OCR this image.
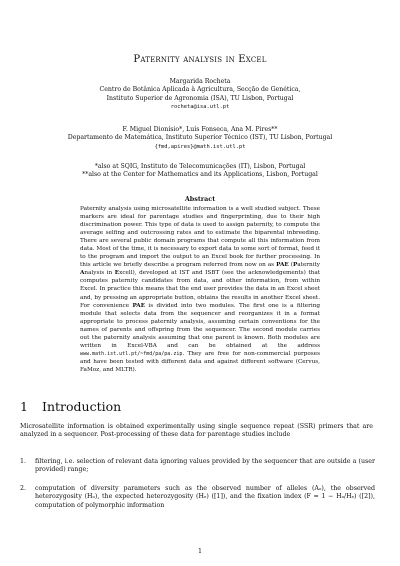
Paternity analysis in Excel
Margarida Rocheta
Centro de Botânica Aplicada à Agricultura, Secção de Genética,
Instituto Superior de Agronomia (ISA), TU Lisbon, Portugal
rocheta@isa.utl.pt
F. Miguel Dionísio*, Luís Fonseca, Ana M. Pires**
Departamento de Matemática, Instituto Superior Técnico (IST), TU Lisbon, Portugal
{fmd,apires}@math.ist.utl.pt
*also at SQIG, Instituto de Telecomunicações (IT), Lisbon, Portugal
**also at the Center for Mathematics and its Applications, Lisbon, Portugal
Abstract
Paternity analysis using microsatellite information is a well studied subject. These markers are ideal for parentage studies and fingerprinting, due to their high discrimination power. This type of data is used to assign paternity, to compute the average selfing and outcrossing rates and to estimate the biparental inbreeding. There are several public domain programs that compute all this information from data. Most of the time, it is necessary to export data to some sort of format, feed it to the program and import the output to an Excel book for further processing. In this article we briefly describe a program referred from now on as PAE (Paternity Analysis in Excell), developed at IST and ISBT (see the acknowledgements) that computes paternity candidates from data, and other information, from within Excel. In practice this means that the end user provides the data in an Excel sheet and, by pressing an appropriate button, obtains the results in another Excel sheet. For convenience PAE is divided into two modules. The first one is a filtering module that selects data from the sequencer and reorganizes it in a format appropriate to process paternity analysis, assuming certain conventions for the names of parents and offspring from the sequencer. The second module carries out the paternity analysis assuming that one parent is known. Both modules are written in Excel-VBA and can be obtained at the address www.math.ist.utl.pt/~fmd/pa/pa.zip. They are free for non-commercial purposes and have been tested with different data and against different software (Cervus, FaMoz, and MLTR).
1 Introduction
Microsatellite information is obtained experimentally using single sequence repeat (SSR) primers that are analyzed in a sequencer. Post-processing of these data for parentage studies include
1. filtering, i.e. selection of relevant data ignoring values provided by the sequencer that are outside a (user provided) range;
2. computation of diversity parameters such as the observed number of alleles (Aₒ), the observed heterozygosity (Hₒ), the expected heterozygosity (Hₑ) ([1]), and the fixation index (F = 1 − Hₒ/Hₑ) ([2]), computation of polymorphic information
1
